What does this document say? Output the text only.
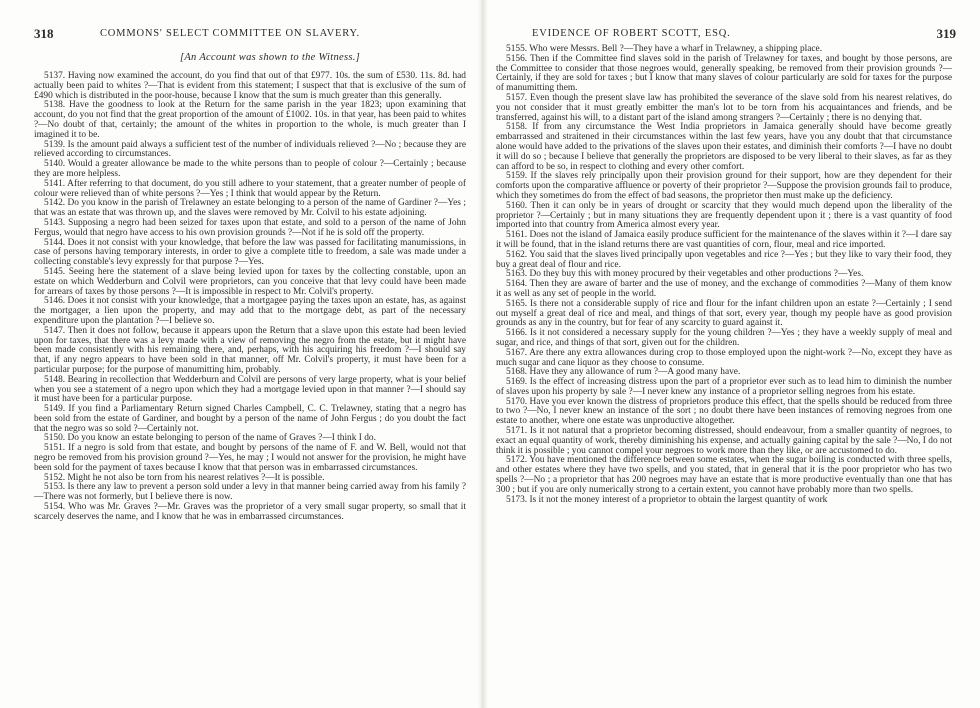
318	COMMONS' SELECT COMMITTEE ON SLAVERY.
[An Account was shown to the Witness.]

5137. Having now examined the account, do you find that out of that £977. 10s. the sum of £530. 11s. 8d. had actually been paid to whites ?—That is evident from this statement; I suspect that that is exclusive of the sum of £490 which is distributed in the poor-house, because I know that the sum is much greater than this generally.

5138. Have the goodness to look at the Return for the same parish in the year 1823; upon examining that account, do you not find that the great proportion of the amount of £1002. 10s. in that year, has been paid to whites ?—No doubt of that, certainly; the amount of the whites in proportion to the whole, is much greater than I imagined it to be.

5139. Is the amount paid always a sufficient test of the number of individuals relieved ?—No ; because they are relieved according to circumstances.

5140. Would a greater allowance be made to the white persons than to people of colour ?—Certainly ; because they are more helpless.

5141. After referring to that document, do you still adhere to your statement, that a greater number of people of colour were relieved than of white persons ?—Yes ; I think that would appear by the Return.

5142. Do you know in the parish of Trelawney an estate belonging to a person of the name of Gardiner ?—Yes ; that was an estate that was thrown up, and the slaves were removed by Mr. Colvil to his estate adjoining.

5143. Supposing a negro had been seized for taxes upon that estate, and sold to a person of the name of John Fergus, would that negro have access to his own provision grounds ?—Not if he is sold off the property.

5144. Does it not consist with your knowledge, that before the law was passed for facilitating manumissions, in case of persons having temporary interests, in order to give a complete title to freedom, a sale was made under a collecting constable's levy expressly for that purpose ?—Yes.

5145. Seeing here the statement of a slave being levied upon for taxes by the collecting constable, upon an estate on which Wedderburn and Colvil were proprietors, can you conceive that that levy could have been made for arrears of taxes by those persons ?—It is impossible in respect to Mr. Colvil's property.

5146. Does it not consist with your knowledge, that a mortgagee paying the taxes upon an estate, has, as against the mortgager, a lien upon the property, and may add that to the mortgage debt, as part of the necessary expenditure upon the plantation ?—I believe so.

5147. Then it does not follow, because it appears upon the Return that a slave upon this estate had been levied upon for taxes, that there was a levy made with a view of removing the negro from the estate, but it might have been made consistently with his remaining there, and, perhaps, with his acquiring his freedom ?—I should say that, if any negro appears to have been sold in that manner, off Mr. Colvil's property, it must have been for a particular purpose; for the purpose of manumitting him, probably.

5148. Bearing in recollection that Wedderburn and Colvil are persons of very large property, what is your belief when you see a statement of a negro upon which they had a mortgage levied upon in that manner ?—I should say it must have been for a particular purpose.

5149. If you find a Parliamentary Return signed Charles Campbell, C. C. Trelawney, stating that a negro has been sold from the estate of Gardiner, and bought by a person of the name of John Fergus ; do you doubt the fact that the negro was so sold ?—Certainly not.

5150. Do you know an estate belonging to person of the name of Graves ?—I think I do.

5151. If a negro is sold from that estate, and bought by persons of the name of F. and W. Bell, would not that negro be removed from his provision ground ?—Yes, he may ; I would not answer for the provision, he might have been sold for the payment of taxes because I know that that person was in embarrassed circumstances.

5152. Might he not also be torn from his nearest relatives ?—It is possible.

5153. Is there any law to prevent a person sold under a levy in that manner being carried away from his family ?—There was not formerly, but I believe there is now.

5154. Who was Mr. Graves ?—Mr. Graves was the proprietor of a very small sugar property, so small that it scarcely deserves the name, and I know that he was in embarrassed circumstances.

EVIDENCE OF ROBERT SCOTT, ESQ.	319

5155. Who were Messrs. Bell ?—They have a wharf in Trelawney, a shipping place.

5156. Then if the Committee find slaves sold in the parish of Trelawney for taxes, and bought by those persons, are the Committee to consider that those negroes would, generally speaking, be removed from their provision grounds ?—Certainly, if they are sold for taxes ; but I know that many slaves of colour particularly are sold for taxes for the purpose of manumitting them.

5157. Even though the present slave law has prohibited the severance of the slave sold from his nearest relatives, do you not consider that it must greatly embitter the man's lot to be torn from his acquaintances and friends, and be transferred, against his will, to a distant part of the island among strangers ?—Certainly ; there is no denying that.

5158. If from any circumstance the West India proprietors in Jamaica generally should have become greatly embarrassed and straitened in their circumstances within the last few years, have you any doubt that that circumstance alone would have added to the privations of the slaves upon their estates, and diminish their comforts ?—I have no doubt it will do so ; because I believe that generally the proprietors are disposed to be very liberal to their slaves, as far as they can afford to be so, in respect to clothing and every other comfort.

5159. If the slaves rely principally upon their provision ground for their support, how are they dependent for their comforts upon the comparative affluence or poverty of their proprietor ?—Suppose the provision grounds fail to produce, which they sometimes do from the effect of bad seasons, the proprietor then must make up the deficiency.

5160. Then it can only be in years of drought or scarcity that they would much depend upon the liberality of the proprietor ?—Certainly ; but in many situations they are frequently dependent upon it ; there is a vast quantity of food imported into that country from America almost every year.

5161. Does not the island of Jamaica easily produce sufficient for the maintenance of the slaves within it ?—I dare say it will be found, that in the island returns there are vast quantities of corn, flour, meal and rice imported.

5162. You said that the slaves lived principally upon vegetables and rice ?—Yes ; but they like to vary their food, they buy a great deal of flour and rice.

5163. Do they buy this with money procured by their vegetables and other productions ?—Yes.

5164. Then they are aware of barter and the use of money, and the exchange of commodities ?—Many of them know it as well as any set of people in the world.

5165. Is there not a considerable supply of rice and flour for the infant children upon an estate ?—Certainly ; I send out myself a great deal of rice and meal, and things of that sort, every year, though my people have as good provision grounds as any in the country, but for fear of any scarcity to guard against it.

5166. Is it not considered a necessary supply for the young children ?—Yes ; they have a weekly supply of meal and sugar, and rice, and things of that sort, given out for the children.

5167. Are there any extra allowances during crop to those employed upon the night-work ?—No, except they have as much sugar and cane liquor as they choose to consume.

5168. Have they any allowance of rum ?—A good many have.

5169. Is the effect of increasing distress upon the part of a proprietor ever such as to lead him to diminish the number of slaves upon his property by sale ?—I never knew any instance of a proprietor selling negroes from his estate.

5170. Have you ever known the distress of proprietors produce this effect, that the spells should be reduced from three to two ?—No, I never knew an instance of the sort ; no doubt there have been instances of removing negroes from one estate to another, where one estate was unproductive altogether.

5171. Is it not natural that a proprietor becoming distressed, should endeavour, from a smaller quantity of negroes, to exact an equal quantity of work, thereby diminishing his expense, and actually gaining capital by the sale ?—No, I do not think it is possible ; you cannot compel your negroes to work more than they like, or are accustomed to do.

5172. You have mentioned the difference between some estates, when the sugar boiling is conducted with three spells, and other estates where they have two spells, and you stated, that in general that it is the poor proprietor who has two spells ?—No ; a proprietor that has 200 negroes may have an estate that is more productive eventually than one that has 300 ; but if you are only numerically strong to a certain extent, you cannot have probably more than two spells.

5173. Is it not the money interest of a proprietor to obtain the largest quantity of work
